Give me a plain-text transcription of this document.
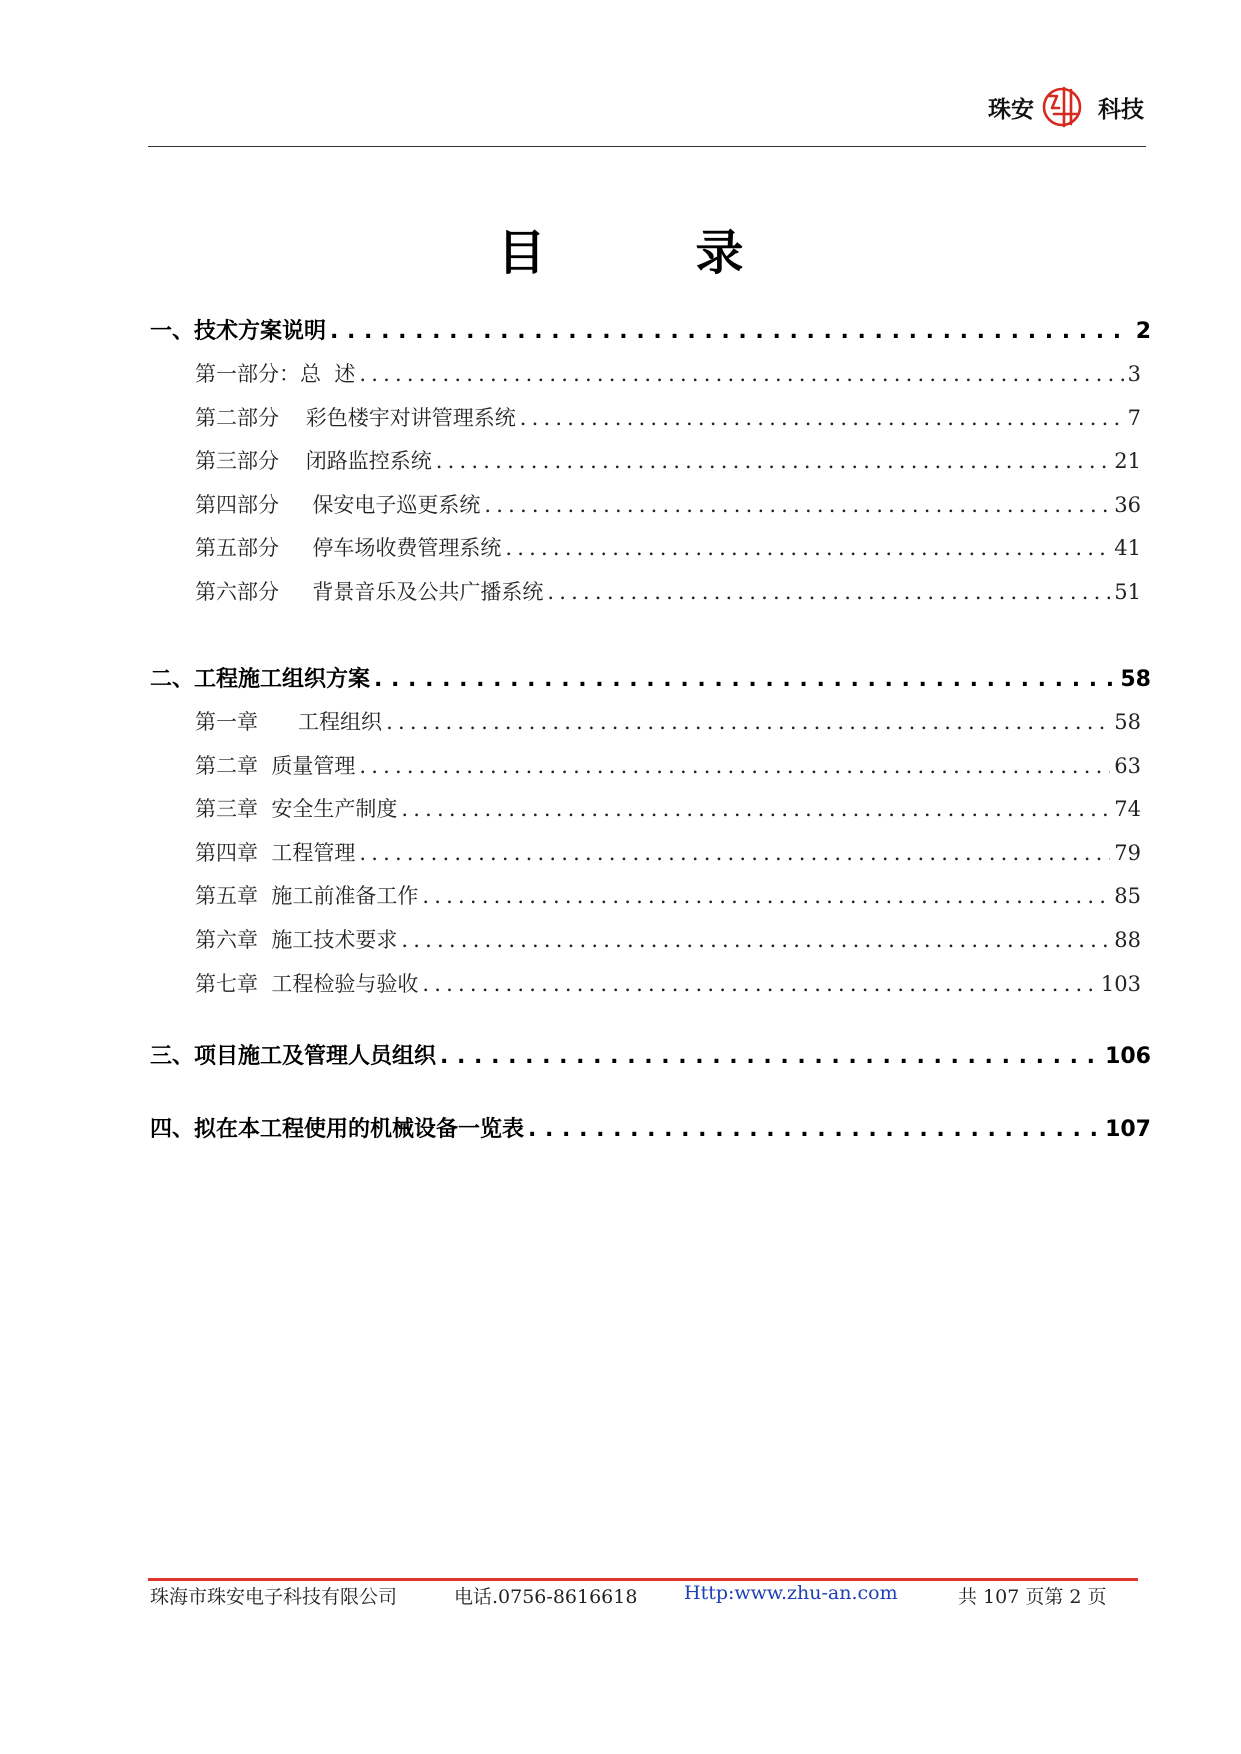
珠安	科技
目录
一、技术方案说明 . . .	2
第一部分：总  述 .....	3
第二部分    彩色楼宇对讲管理系统 .....	7
第三部分    闭路监控系统 .....	21
第四部分     保安电子巡更系统 .....	36
第五部分     停车场收费管理系统 .....	41
第六部分     背景音乐及公共广播系统 .....	51
二、工程施工组织方案 . . .	58
第一章      工程组织 .....	58
第二章  质量管理 .....	63
第三章  安全生产制度 .....	74
第四章  工程管理 .....	79
第五章  施工前准备工作 .....	85
第六章  施工技术要求 .....	88
第七章  工程检验与验收 .....	103
三、项目施工及管理人员组织 . . .	106
四、拟在本工程使用的机械设备一览表 . . .	107
珠海市珠安电子科技有限公司	电话.0756-8616618 Http:www.zhu-an.com	共 107 页第 2 页
